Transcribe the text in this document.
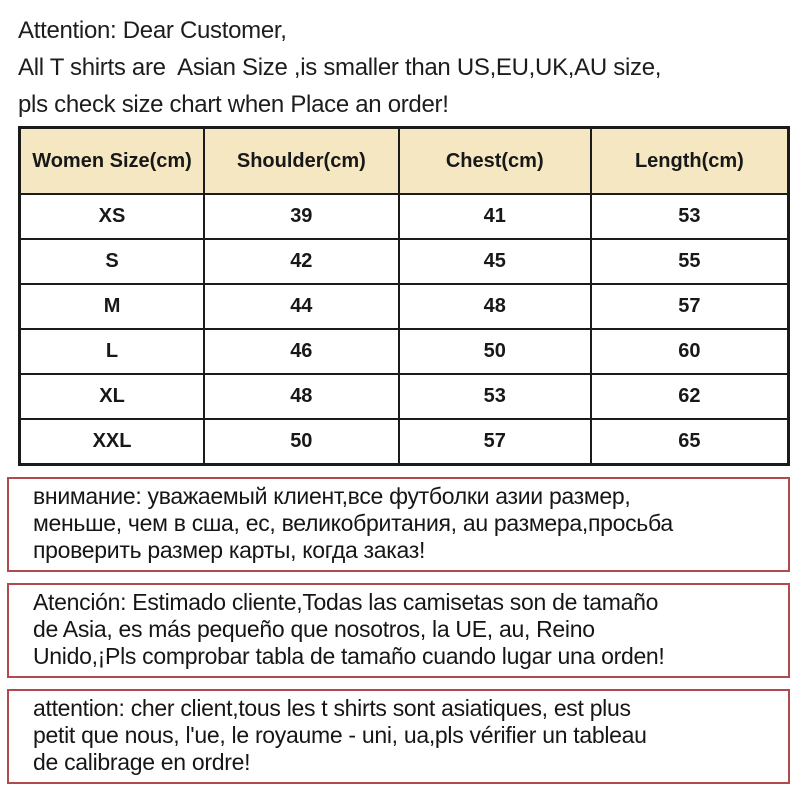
Attention: Dear Customer,
All T shirts are  Asian Size ,is smaller than US,EU,UK,AU size,
pls check size chart when Place an order!
Women Size(cm)	Shoulder(cm)	Chest(cm)	Length(cm)
XS	39	41	53
S	42	45	55
M	44	48	57
L	46	50	60
XL	48	53	62
XXL	50	57	65
внимание: уважаемый клиент,все футболки азии размер,
меньше, чем в сша, ес, великобритания, au размера,просьба
проверить размер карты, когда заказ!
Atención: Estimado cliente,Todas las camisetas son de tamaño
de Asia, es más pequeño que nosotros, la UE, au, Reino
Unido,¡Pls comprobar tabla de tamaño cuando lugar una orden!
attention: cher client,tous les t shirts sont asiatiques, est plus
petit que nous, l'ue, le royaume - uni, ua,pls vérifier un tableau
de calibrage en ordre!
